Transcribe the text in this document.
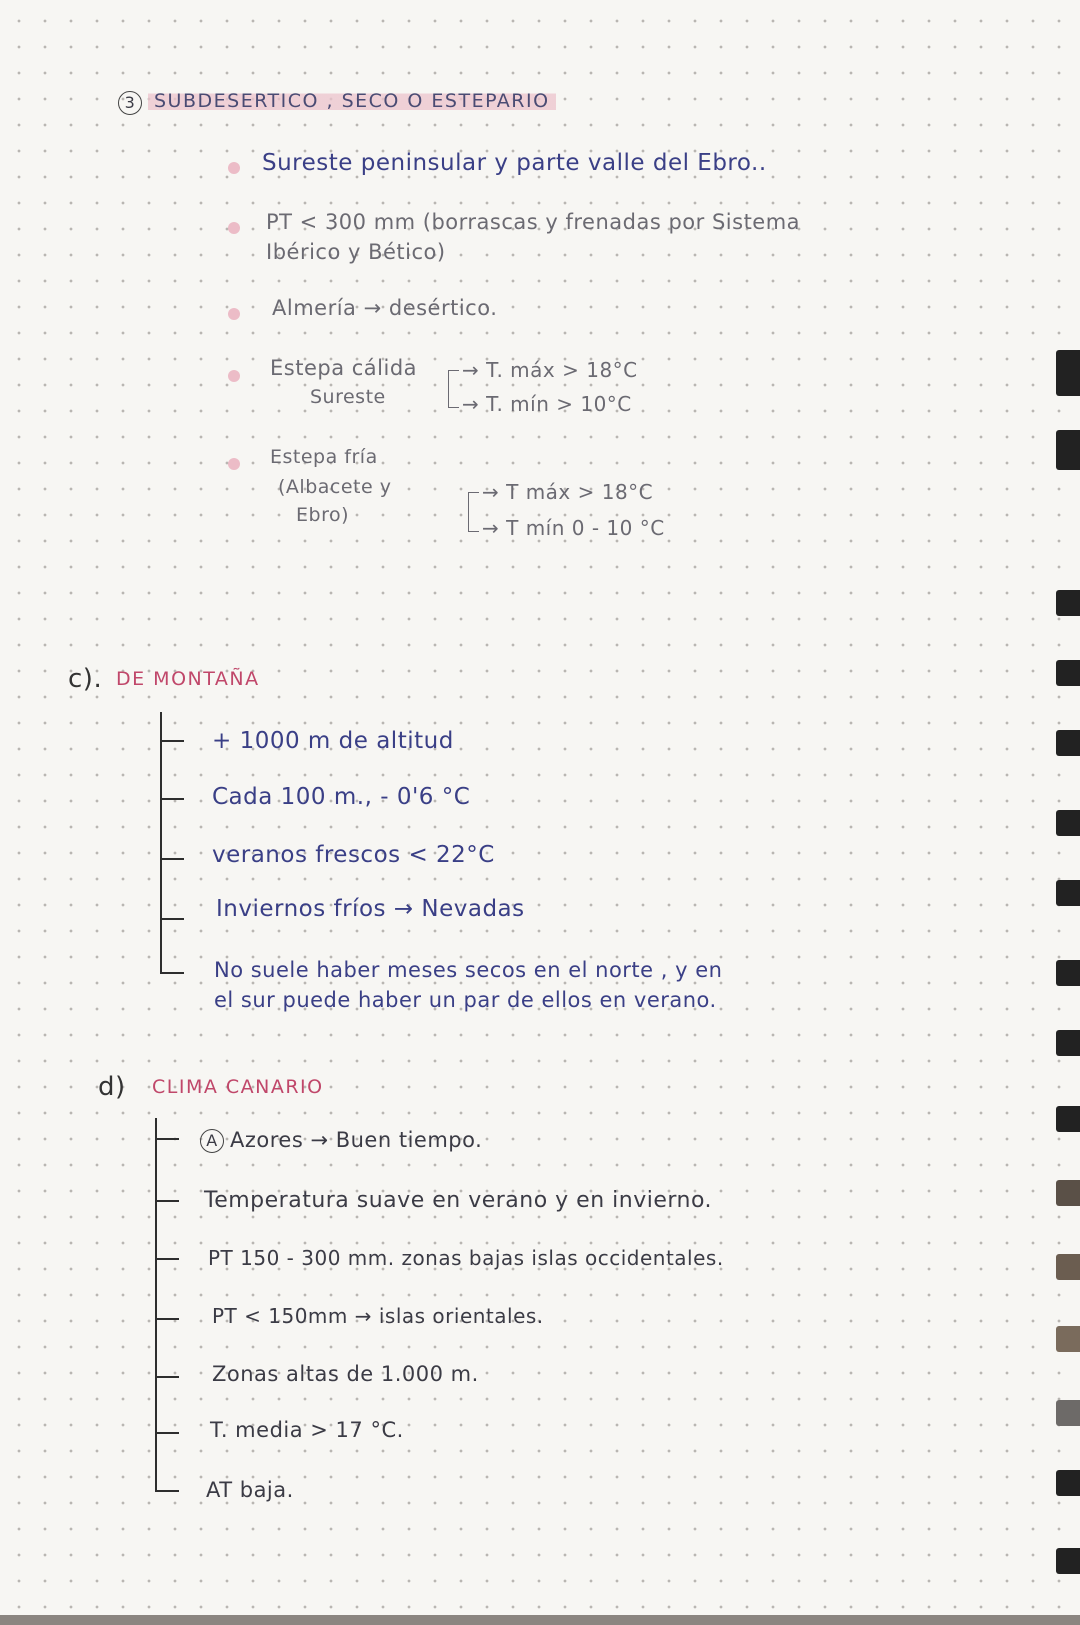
3 SUBDESERTICO , SECO O ESTEPARIO
Sureste peninsular y parte valle del Ebro..
PT < 300 mm (borrascas y frenadas por Sistema
Ibérico y Bético)
Almería → desértico.
Estepa cálida
Sureste
→ T. máx > 18°C
→ T. mín > 10°C
Estepa fría
(Albacete y
Ebro)
→ T máx > 18°C
→ T mín 0 - 10 °C
c). DE MONTAÑA
+ 1000 m de altitud
Cada 100 m., - 0'6 °C
veranos frescos < 22°C
Inviernos fríos → Nevadas
No suele haber meses secos en el norte , y en
el sur puede haber un par de ellos en verano.
d) CLIMA CANARIO
A Azores → Buen tiempo.
Temperatura suave en verano y en invierno.
PT 150 - 300 mm. zonas bajas islas occidentales.
PT < 150mm → islas orientales.
Zonas altas de 1.000 m.
T. media > 17 °C.
AT baja.
